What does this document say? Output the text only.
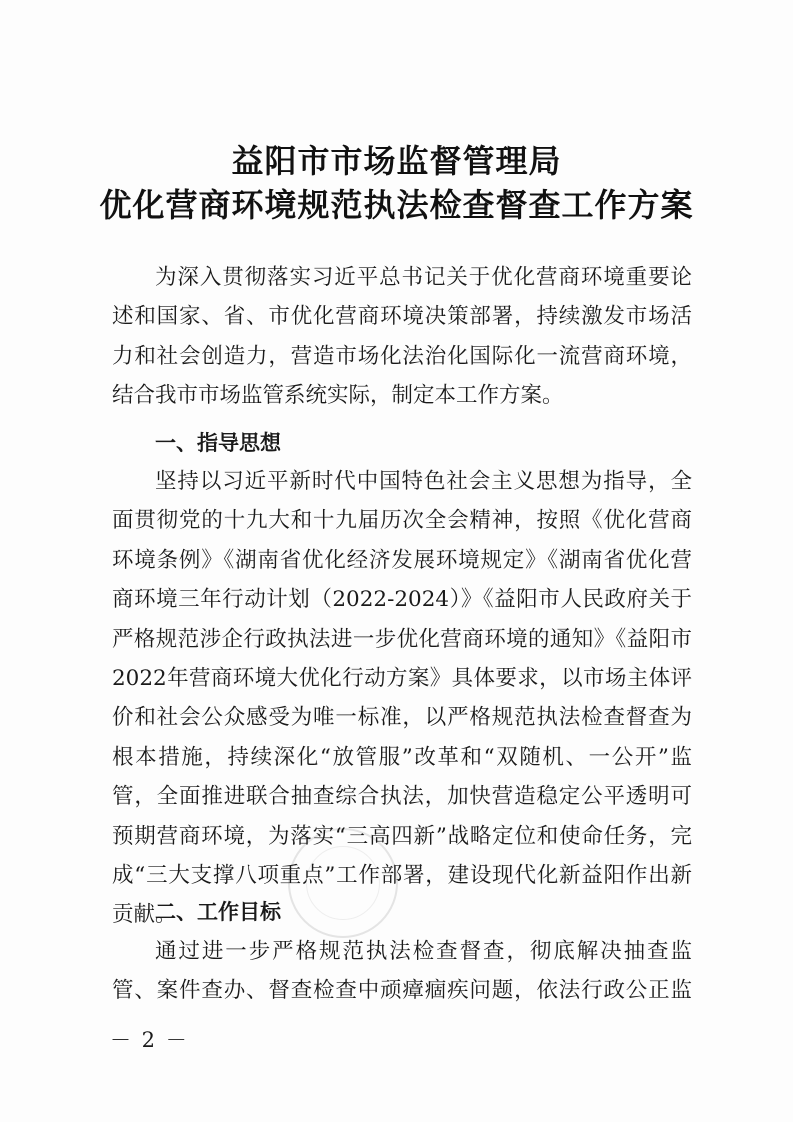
益阳市市场监督管理局
优化营商环境规范执法检查督查工作方案
为深入贯彻落实习近平总书记关于优化营商环境重要论述和国家、省、市优化营商环境决策部署，持续激发市场活力和社会创造力，营造市场化法治化国际化一流营商环境，结合我市市场监管系统实际，制定本工作方案。
一、指导思想
坚持以习近平新时代中国特色社会主义思想为指导，全面贯彻党的十九大和十九届历次全会精神，按照《优化营商环境条例》《湖南省优化经济发展环境规定》《湖南省优化营商环境三年行动计划（2022-2024）》《益阳市人民政府关于严格规范涉企行政执法进一步优化营商环境的通知》《益阳市2022年营商环境大优化行动方案》具体要求，以市场主体评价和社会公众感受为唯一标准，以严格规范执法检查督查为根本措施，持续深化“放管服”改革和“双随机、一公开”监管，全面推进联合抽查综合执法，加快营造稳定公平透明可预期营商环境，为落实“三高四新”战略定位和使命任务，完成“三大支撑八项重点”工作部署，建设现代化新益阳作出新贡献。
二、工作目标
通过进一步严格规范执法检查督查，彻底解决抽查监管、案件查办、督查检查中顽瘴痼疾问题，依法行政公正监
－ 2 －
